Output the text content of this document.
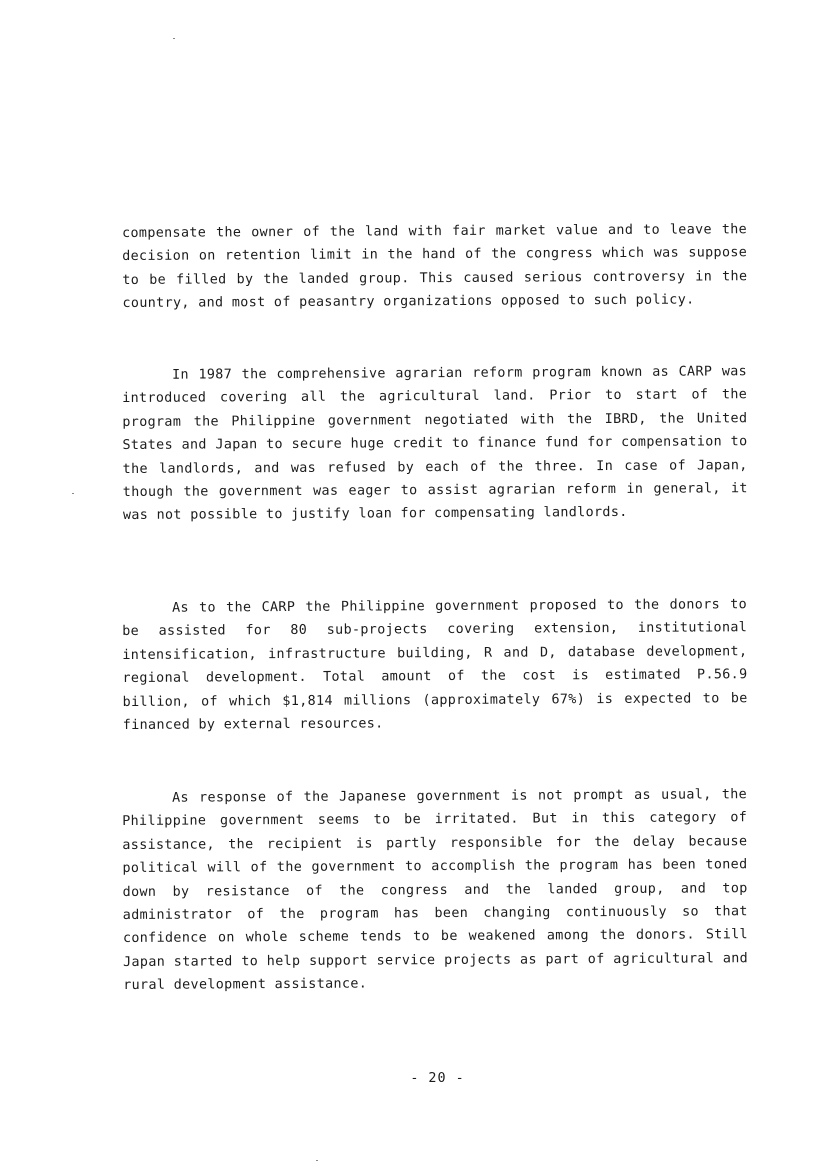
compensate the owner of the land with fair market value and to leave the decision on retention limit in the hand of the congress which was suppose to be filled by the landed group. This caused serious controversy in the country, and most of peasantry organizations opposed to such policy.

In 1987 the comprehensive agrarian reform program known as CARP was introduced covering all the agricultural land. Prior to start of the program the Philippine government negotiated with the IBRD, the United States and Japan to secure huge credit to finance fund for compensation to the landlords, and was refused by each of the three. In case of Japan, though the government was eager to assist agrarian reform in general, it was not possible to justify loan for compensating landlords.

As to the CARP the Philippine government proposed to the donors to be assisted for 80 sub-projects covering extension, institutional intensification, infrastructure building, R and D, database development, regional development. Total amount of the cost is estimated P.56.9 billion, of which $1,814 millions (approximately 67%) is expected to be financed by external resources.

As response of the Japanese government is not prompt as usual, the Philippine government seems to be irritated. But in this category of assistance, the recipient is partly responsible for the delay because political will of the government to accomplish the program has been toned down by resistance of the congress and the landed group, and top administrator of the program has been changing continuously so that confidence on whole scheme tends to be weakened among the donors. Still Japan started to help support service projects as part of agricultural and rural development assistance.

- 20 -
